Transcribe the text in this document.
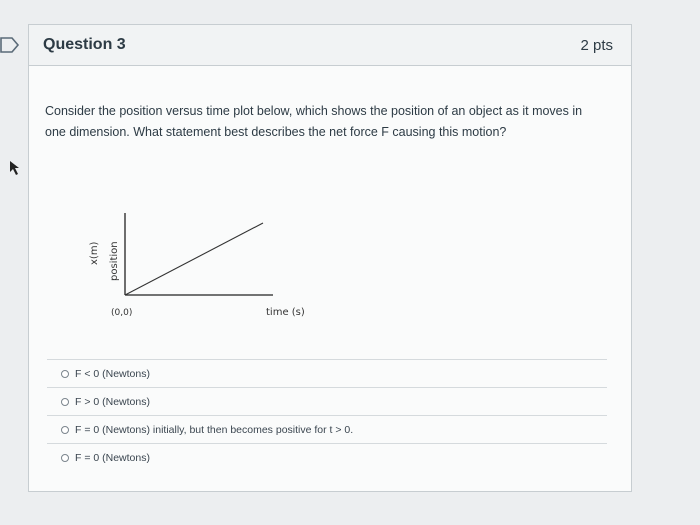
Question 3	2 pts
Consider the position versus time plot below, which shows the position of an object as it moves in one dimension. What statement best describes the net force F causing this motion?
x(m) position
(0,0)	time (s)
F < 0 (Newtons)
F > 0 (Newtons)
F = 0 (Newtons) initially, but then becomes positive for t > 0.
F = 0 (Newtons)
